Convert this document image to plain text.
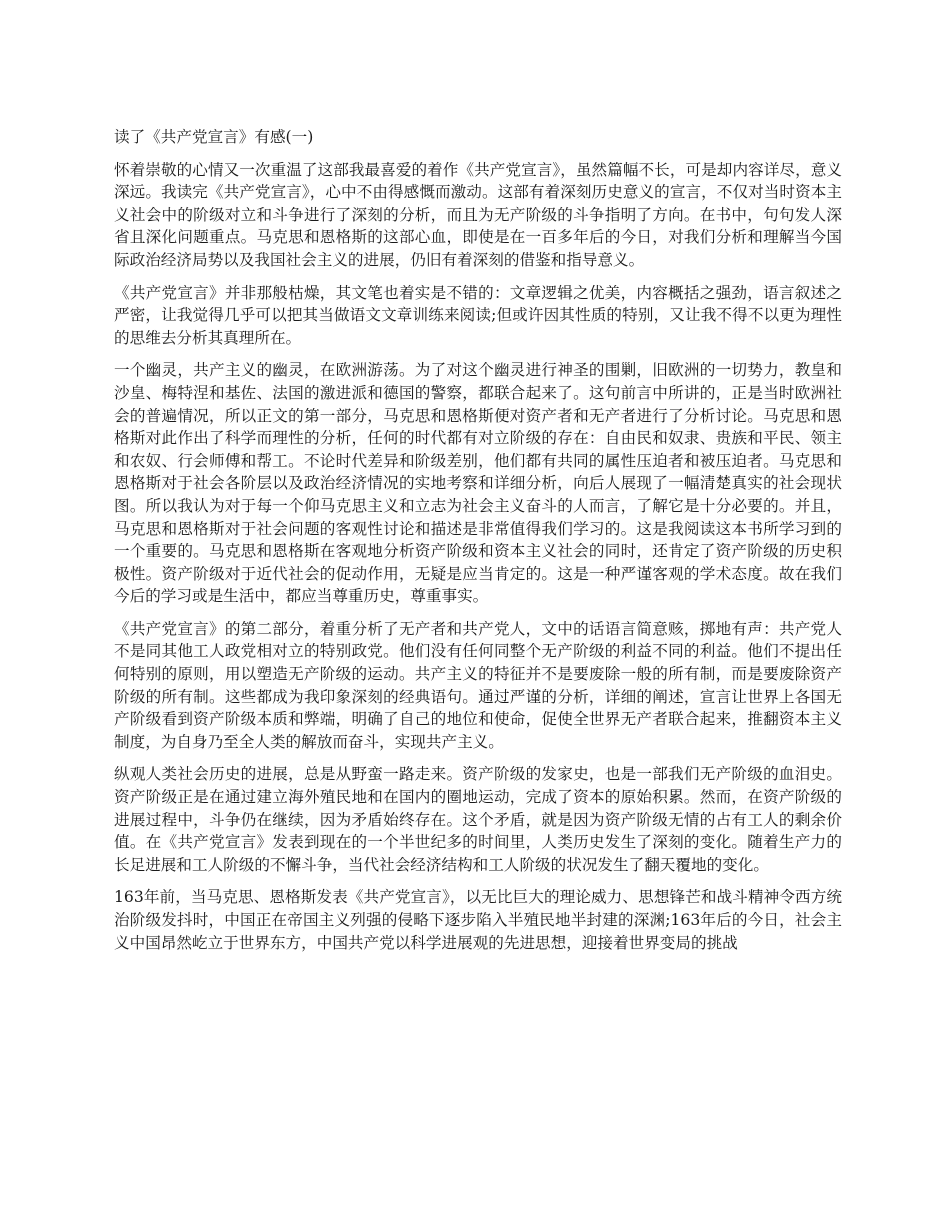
读了《共产党宣言》有感(一)

怀着崇敬的心情又一次重温了这部我最喜爱的着作《共产党宣言》，虽然篇幅不长，可是却内容详尽，意义深远。我读完《共产党宣言》，心中不由得感慨而激动。这部有着深刻历史意义的宣言，不仅对当时资本主义社会中的阶级对立和斗争进行了深刻的分析，而且为无产阶级的斗争指明了方向。在书中，句句发人深省且深化问题重点。马克思和恩格斯的这部心血，即使是在一百多年后的今日，对我们分析和理解当今国际政治经济局势以及我国社会主义的进展，仍旧有着深刻的借鉴和指导意义。

《共产党宣言》并非那般枯燥，其文笔也着实是不错的：文章逻辑之优美，内容概括之强劲，语言叙述之严密，让我觉得几乎可以把其当做语文文章训练来阅读;但或许因其性质的特别，又让我不得不以更为理性的思维去分析其真理所在。

一个幽灵，共产主义的幽灵，在欧洲游荡。为了对这个幽灵进行神圣的围剿，旧欧洲的一切势力，教皇和沙皇、梅特涅和基佐、法国的激进派和德国的警察，都联合起来了。这句前言中所讲的，正是当时欧洲社会的普遍情况，所以正文的第一部分，马克思和恩格斯便对资产者和无产者进行了分析讨论。马克思和恩格斯对此作出了科学而理性的分析，任何的时代都有对立阶级的存在：自由民和奴隶、贵族和平民、领主和农奴、行会师傅和帮工。不论时代差异和阶级差别，他们都有共同的属性压迫者和被压迫者。马克思和恩格斯对于社会各阶层以及政治经济情况的实地考察和详细分析，向后人展现了一幅清楚真实的社会现状图。所以我认为对于每一个仰马克思主义和立志为社会主义奋斗的人而言，了解它是十分必要的。并且，马克思和恩格斯对于社会问题的客观性讨论和描述是非常值得我们学习的。这是我阅读这本书所学习到的一个重要的。马克思和恩格斯在客观地分析资产阶级和资本主义社会的同时，还肯定了资产阶级的历史积极性。资产阶级对于近代社会的促动作用，无疑是应当肯定的。这是一种严谨客观的学术态度。故在我们今后的学习或是生活中，都应当尊重历史，尊重事实。

《共产党宣言》的第二部分，着重分析了无产者和共产党人，文中的话语言简意赅，掷地有声：共产党人不是同其他工人政党相对立的特别政党。他们没有任何同整个无产阶级的利益不同的利益。他们不提出任何特别的原则，用以塑造无产阶级的运动。共产主义的特征并不是要废除一般的所有制，而是要废除资产阶级的所有制。这些都成为我印象深刻的经典语句。通过严谨的分析，详细的阐述，宣言让世界上各国无产阶级看到资产阶级本质和弊端，明确了自己的地位和使命，促使全世界无产者联合起来，推翻资本主义制度，为自身乃至全人类的解放而奋斗，实现共产主义。

纵观人类社会历史的进展，总是从野蛮一路走来。资产阶级的发家史，也是一部我们无产阶级的血泪史。资产阶级正是在通过建立海外殖民地和在国内的圈地运动，完成了资本的原始积累。然而，在资产阶级的进展过程中，斗争仍在继续，因为矛盾始终存在。这个矛盾，就是因为资产阶级无情的占有工人的剩余价值。在《共产党宣言》发表到现在的一个半世纪多的时间里，人类历史发生了深刻的变化。随着生产力的长足进展和工人阶级的不懈斗争，当代社会经济结构和工人阶级的状况发生了翻天覆地的变化。

163年前，当马克思、恩格斯发表《共产党宣言》，以无比巨大的理论威力、思想锋芒和战斗精神令西方统治阶级发抖时，中国正在帝国主义列强的侵略下逐步陷入半殖民地半封建的深渊;163年后的今日，社会主义中国昂然屹立于世界东方，中国共产党以科学进展观的先进思想，迎接着世界变局的挑战
